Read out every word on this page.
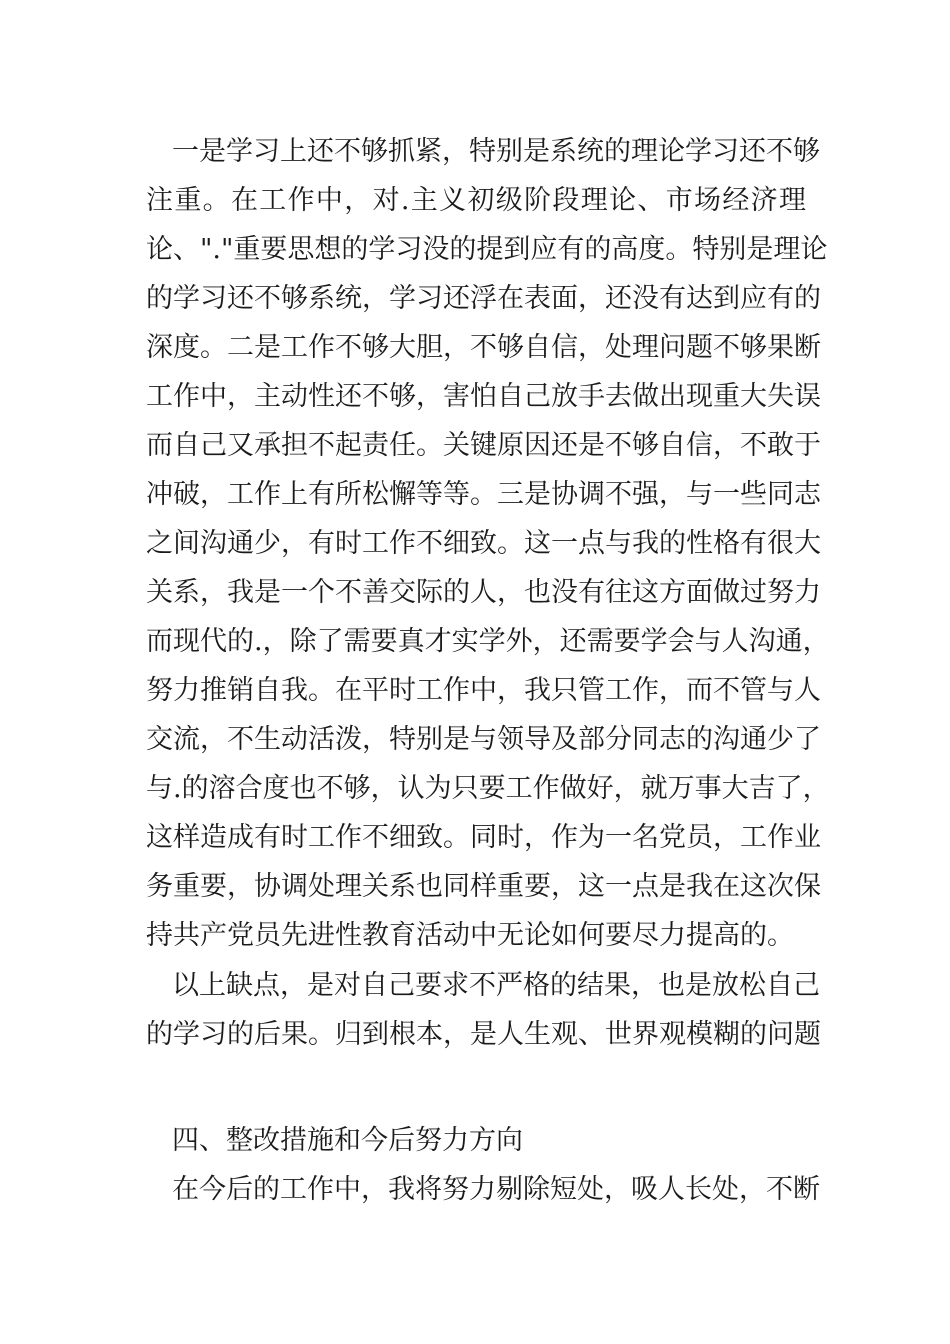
一是学习上还不够抓紧，特别是系统的理论学习还不够
注重。在工作中，对.主义初级阶段理论、市场经济理
论、"."重要思想的学习没的提到应有的高度。特别是理论
的学习还不够系统，学习还浮在表面，还没有达到应有的
深度。二是工作不够大胆，不够自信，处理问题不够果断
工作中，主动性还不够，害怕自己放手去做出现重大失误
而自己又承担不起责任。关键原因还是不够自信，不敢于
冲破，工作上有所松懈等等。三是协调不强，与一些同志
之间沟通少，有时工作不细致。这一点与我的性格有很大
关系，我是一个不善交际的人，也没有往这方面做过努力
而现代的.，除了需要真才实学外，还需要学会与人沟通，
努力推销自我。在平时工作中，我只管工作，而不管与人
交流，不生动活泼，特别是与领导及部分同志的沟通少了
与.的溶合度也不够，认为只要工作做好，就万事大吉了，
这样造成有时工作不细致。同时，作为一名党员，工作业
务重要，协调处理关系也同样重要，这一点是我在这次保
持共产党员先进性教育活动中无论如何要尽力提高的。
以上缺点，是对自己要求不严格的结果，也是放松自己
的学习的后果。归到根本，是人生观、世界观模糊的问题
四、整改措施和今后努力方向
在今后的工作中，我将努力剔除短处，吸人长处，不断
